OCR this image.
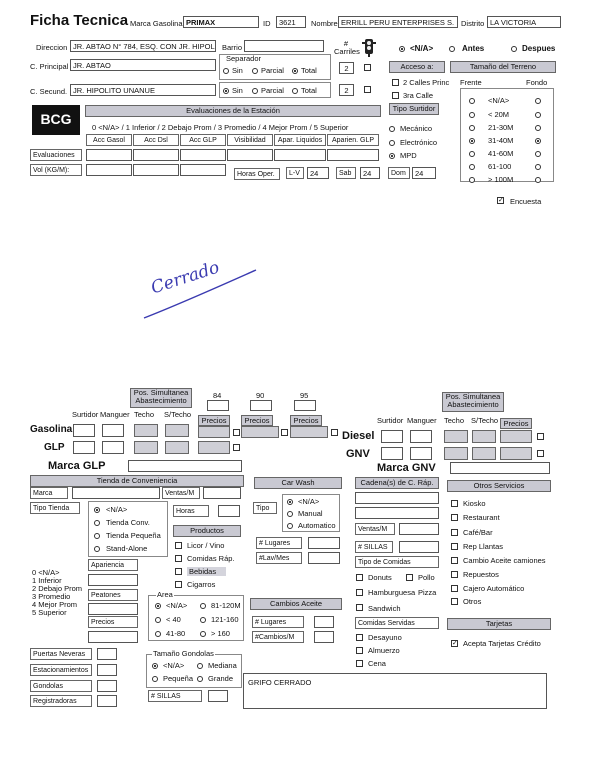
Ficha Tecnica Marca Gasolina PRIMAX	ID	3621	Nombre ERRILL PERU ENTERPRISES S. Distrito LA VICTORIA
Direccion JR. ABTAO N° 784, ESQ. CON JR. HIPOL Barrio
C. Principal JR. ABTAO
C. Secund. JR. HIPOLITO UNANUE
Separador
Sin Parcial Total
Sin Parcial Total
# Carriles
2
2
<N/A>	Antes	Despues
Acceso a:	Tamaño del Terreno
2 Calles Princ
3ra Calle
Tipo Surtidor
Mecánico
Electrónico
MPD
Frente	Fondo
<N/A>
< 20M
21-30M
31-40M
41-60M
61-100
> 100M
✓ Encuesta
BCG
Evaluaciones de la Estación
0 <N/A> / 1 Inferior / 2 Debajo Prom / 3 Promedio / 4 Mejor Prom / 5 Superior
Acc Gasol	Acc Dsl	Acc GLP	Visibilidad	Apar. Liquidos	Aparien. GLP
Evaluaciones
Vol (KG/M):
Horas Oper.	L-V	24	Sab	24	Dom	24
Cerrado
Pos. Simultanea Abastecimiento
84	90	95
Surtidor Manguer Techo S/Techo
Precios	Precios	Precios
Gasolina
GLP
Pos. Simultanea Abastecimiento
Surtidor Manguer Techo S/Techo Precios
Diesel
GNV
Marca GLP	Marca GNV
Tienda de Conveniencia
Marca	Ventas/M
Tipo Tienda	<N/A>
Tienda Conv.
Tienda Pequeña
Stand-Alone
Horas
Productos
Licor / Vino
Comidas Ráp.
Bebidas
Cigarros
Apariencia
Peatones
Precios
0 <N/A>
1 Inferior
2 Debajo Prom
3 Promedio
4 Mejor Prom
5 Superior
Area
<N/A>	81-120M
< 40	121-160
41-80	> 160
Car Wash
Tipo
<N/A>
Manual
Automatico
# Lugares
#Lav/Mes
Cambios Aceite
# Lugares
#Cambios/M
Cadena(s) de C. Ráp.
Ventas/M
# SILLAS
Tipo de Comidas
Donuts	Pollo
Hamburguesa Pizza
Sandwich
Comidas Servidas
Desayuno
Almuerzo
Cena
Otros Servicios
Kiosko
Restaurant
Café/Bar
Rep Llantas
Cambio Aceite camiones
Repuestos
Cajero Automático
Otros
Tarjetas
✓ Acepta Tarjetas Crédito
Puertas Neveras
Estacionamientos
Gondolas
Registradoras
Tamaño Gondolas
<N/A>	Mediana
Pequeña Grande
# SILLAS
GRIFO CERRADO
